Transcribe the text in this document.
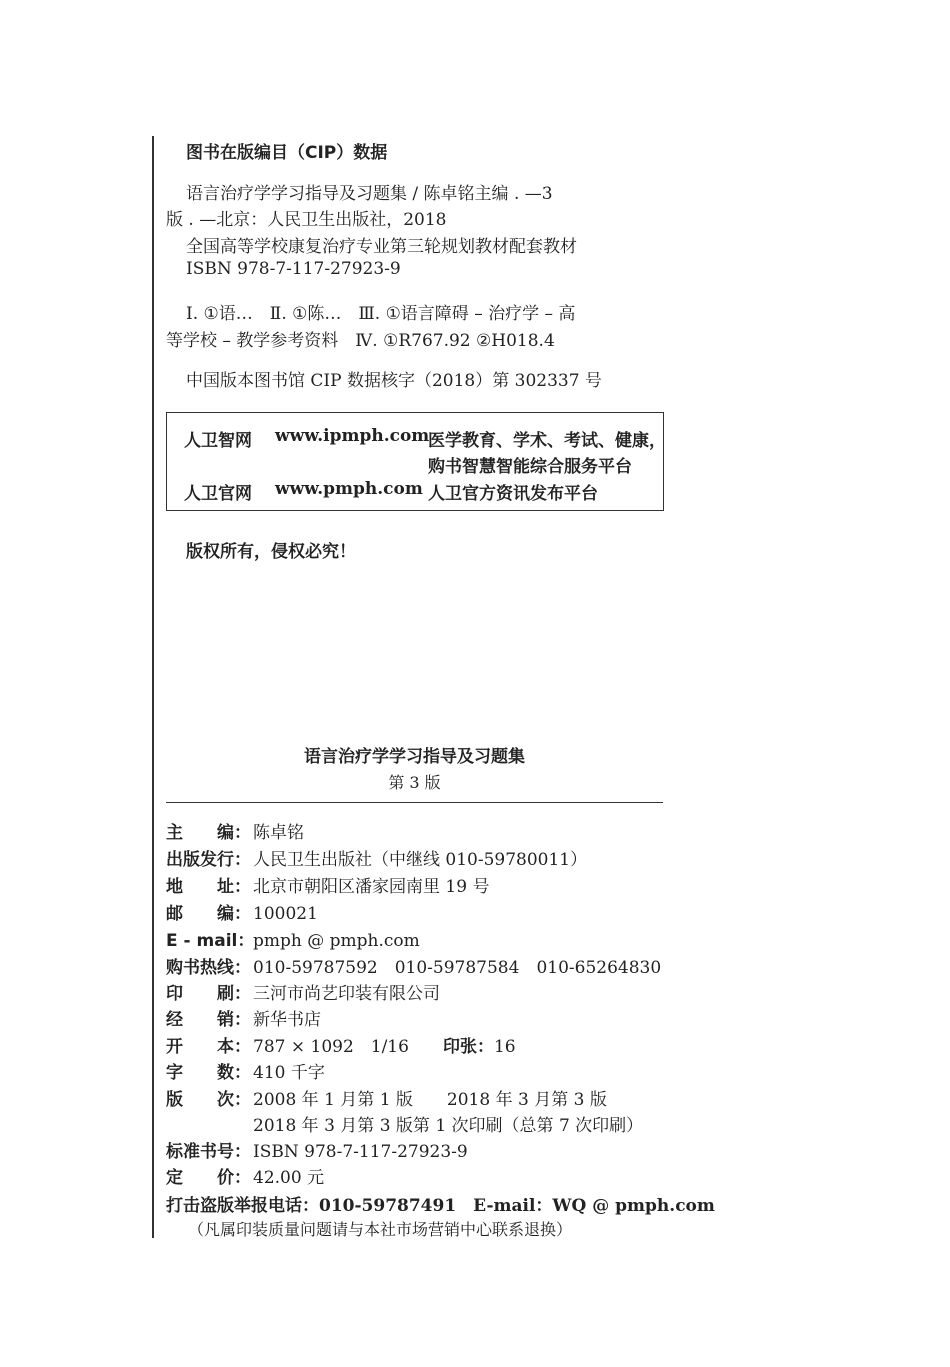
图书在版编目（CIP）数据
语言治疗学学习指导及习题集 / 陈卓铭主编 . —3
版 . —北京：人民卫生出版社，2018
全国高等学校康复治疗专业第三轮规划教材配套教材
ISBN 978-7-117-27923-9
Ⅰ. ①语…　Ⅱ. ①陈…　Ⅲ. ①语言障碍 – 治疗学 – 高
等学校 – 教学参考资料　Ⅳ. ①R767.92 ②H018.4
中国版本图书馆 CIP 数据核字（2018）第 302337 号
人卫智网 www.ipmph.com
医学教育、学术、考试、健康，
购书智慧智能综合服务平台
人卫官网 www.pmph.com 人卫官方资讯发布平台
版权所有，侵权必究！
语言治疗学学习指导及习题集
第 3 版
主　　编： 陈卓铭
出版发行： 人民卫生出版社（中继线 010-59780011）
地　　址： 北京市朝阳区潘家园南里 19 号
邮　　编： 100021
E - mail：pmph @ pmph.com
购书热线： 010-59787592　010-59787584　010-65264830
印　　刷： 三河市尚艺印装有限公司
经　　销： 新华书店
开　　本： 787 × 1092　1/16 印张：16
字　　数： 410 千字
版　　次： 2008 年 1 月第 1 版　　2018 年 3 月第 3 版
2018 年 3 月第 3 版第 1 次印刷（总第 7 次印刷）
标准书号： ISBN 978-7-117-27923-9
定　　价： 42.00 元
打击盗版举报电话：010-59787491　E-mail：WQ @ pmph.com
（凡属印装质量问题请与本社市场营销中心联系退换）
